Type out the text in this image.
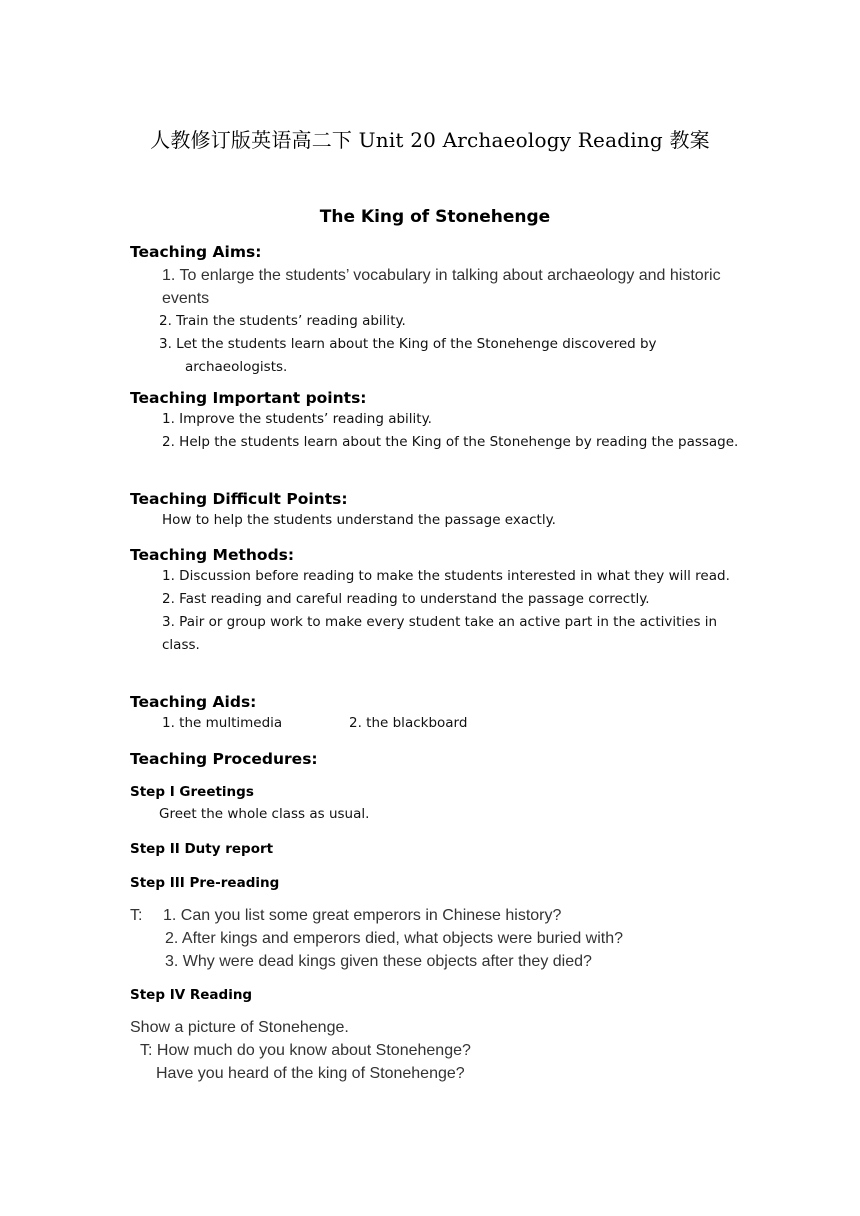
人教修订版英语高二下 Unit 20 Archaeology Reading 教案
The King of Stonehenge
Teaching Aims:
1. To enlarge the students’ vocabulary in talking about archaeology and historic events
2. Train the students’ reading ability.
3. Let the students learn about the King of the Stonehenge discovered by archaeologists.
Teaching Important points:
1. Improve the students’ reading ability.
2. Help the students learn about the King of the Stonehenge by reading the passage.
Teaching Difficult Points:
How to help the students understand the passage exactly.
Teaching Methods:
1. Discussion before reading to make the students interested in what they will read.
2. Fast reading and careful reading to understand the passage correctly.
3. Pair or group work to make every student take an active part in the activities in class.
Teaching Aids:
1. the multimedia	2. the blackboard
Teaching Procedures:
Step I Greetings
Greet the whole class as usual.
Step II Duty report
Step III Pre-reading
T:	1. Can you list some great emperors in Chinese history?
2. After kings and emperors died, what objects were buried with?
3. Why were dead kings given these objects after they died?
Step IV Reading
Show a picture of Stonehenge.
T: How much do you know about Stonehenge?
Have you heard of the king of Stonehenge?
